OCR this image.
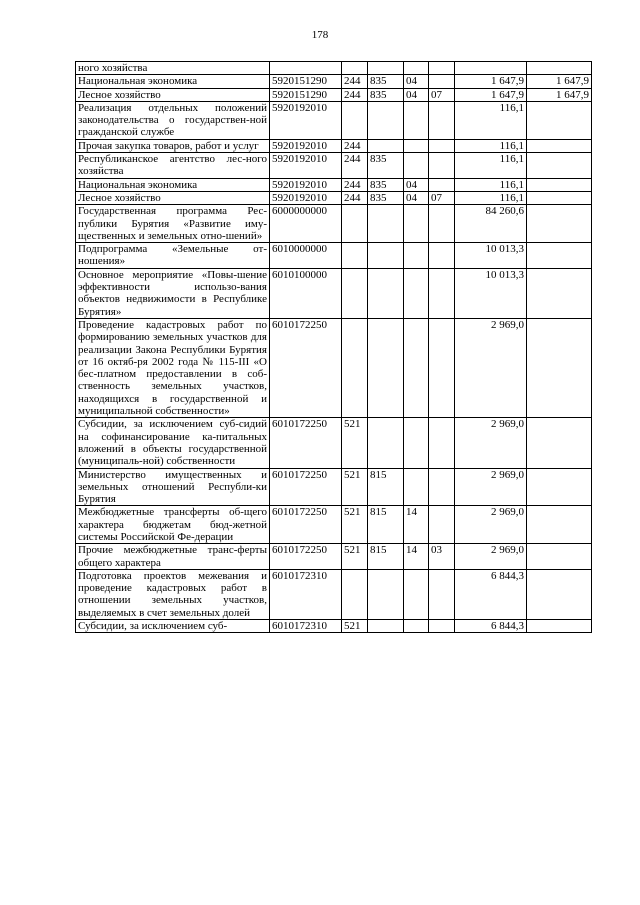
178
ного хозяйства							
Национальная экономика	5920151290	244	835	04		1 647,9	1 647,9
Лесное хозяйство	5920151290	244	835	04	07	1 647,9	1 647,9
Реализация отдельных положений законодательства о государствен-ной гражданской службе	5920192010					116,1	
Прочая закупка товаров, работ и услуг	5920192010	244				116,1	
Республиканское агентство лес-ного хозяйства	5920192010	244	835			116,1	
Национальная экономика	5920192010	244	835	04		116,1	
Лесное хозяйство	5920192010	244	835	04	07	116,1	
Государственная программа Рес-публики Бурятия «Развитие иму-щественных и земельных отно-шений»	6000000000					84 260,6	
Подпрограмма «Земельные от-ношения»	6010000000					10 013,3	
Основное мероприятие «Повы-шение эффективности использо-вания объектов недвижимости в Республике Бурятия»	6010100000					10 013,3	
Проведение кадастровых работ по формированию земельных участков для реализации Закона Республики Бурятия от 16 октяб-ря 2002 года № 115-III «О бес-платном предоставлении в соб-ственность земельных участков, находящихся в государственной и муниципальной собственности»	6010172250					2 969,0	
Субсидии, за исключением суб-сидий на софинансирование ка-питальных вложений в объекты государственной (муниципаль-ной) собственности	6010172250	521				2 969,0	
Министерство имущественных и земельных отношений Республи-ки Бурятия	6010172250	521	815			2 969,0	
Межбюджетные трансферты об-щего характера бюджетам бюд-жетной системы Российской Фе-дерации	6010172250	521	815	14		2 969,0	
Прочие межбюджетные транс-ферты общего характера	6010172250	521	815	14	03	2 969,0	
Подготовка проектов межевания и проведение кадастровых работ в отношении земельных участков, выделяемых в счет земельных долей	6010172310					6 844,3	
Субсидии, за исключением суб-	6010172310	521				6 844,3	
